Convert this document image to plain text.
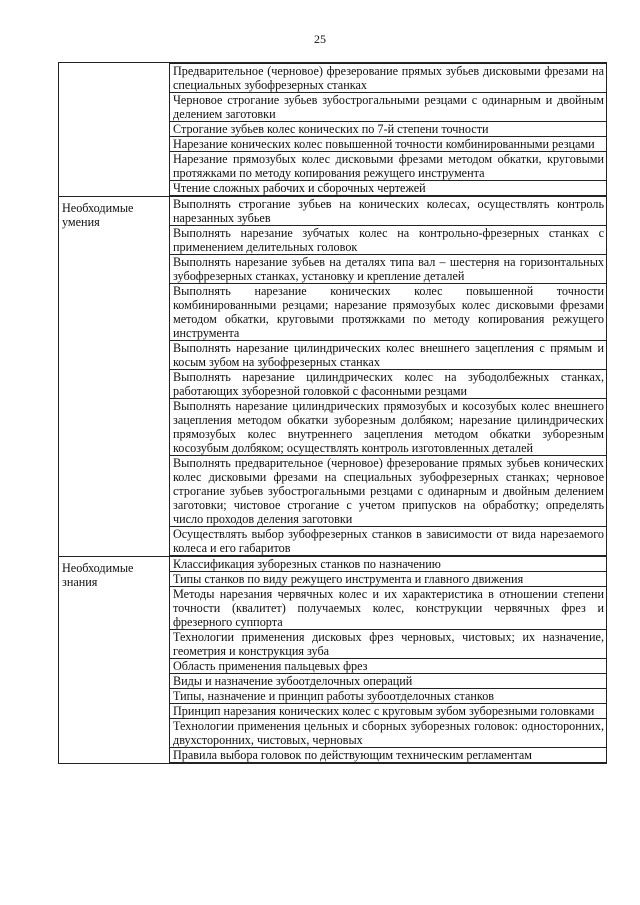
25
Предварительное (черновое) фрезерование прямых зубьев дисковыми фрезами на специальных зубофрезерных станках
Черновое строгание зубьев зубострогальными резцами с одинарным и двойным делением заготовки
Строгание зубьев колес конических по 7-й степени точности
Нарезание конических колес повышенной точности комбинированными резцами
Нарезание прямозубых колес дисковыми фрезами методом обкатки, круговыми протяжками по методу копирования режущего инструмента
Чтение сложных рабочих и сборочных чертежей
Необходимые умения
Выполнять строгание зубьев на конических колесах, осуществлять контроль нарезанных зубьев
Выполнять нарезание зубчатых колес на контрольно-фрезерных станках с применением делительных головок
Выполнять нарезание зубьев на деталях типа вал – шестерня на горизонтальных зубофрезерных станках, установку и крепление деталей
Выполнять нарезание конических колес повышенной точности комбинированными резцами; нарезание прямозубых колес дисковыми фрезами методом обкатки, круговыми протяжками по методу копирования режущего инструмента
Выполнять нарезание цилиндрических колес внешнего зацепления с прямым и косым зубом на зубофрезерных станках
Выполнять нарезание цилиндрических колес на зубодолбежных станках, работающих зуборезной головкой с фасонными резцами
Выполнять нарезание цилиндрических прямозубых и косозубых колес внешнего зацепления методом обкатки зуборезным долбяком; нарезание цилиндрических прямозубых колес внутреннего зацепления методом обкатки зуборезным косозубым долбяком; осуществлять контроль изготовленных деталей
Выполнять предварительное (черновое) фрезерование прямых зубьев конических колес дисковыми фрезами на специальных зубофрезерных станках; черновое строгание зубьев зубострогальными резцами с одинарным и двойным делением заготовки; чистовое строгание с учетом припусков на обработку; определять число проходов деления заготовки
Осуществлять выбор зубофрезерных станков в зависимости от вида нарезаемого колеса и его габаритов
Необходимые знания
Классификация зуборезных станков по назначению
Типы станков по виду режущего инструмента и главного движения
Методы нарезания червячных колес и их характеристика в отношении степени точности (квалитет) получаемых колес, конструкции червячных фрез и фрезерного суппорта
Технологии применения дисковых фрез черновых, чистовых; их назначение, геометрия и конструкция зуба
Область применения пальцевых фрез
Виды и назначение зубоотделочных операций
Типы, назначение и принцип работы зубоотделочных станков
Принцип нарезания конических колес с круговым зубом зуборезными головками
Технологии применения цельных и сборных зуборезных головок: односторонних, двухсторонних, чистовых, черновых
Правила выбора головок по действующим техническим регламентам
